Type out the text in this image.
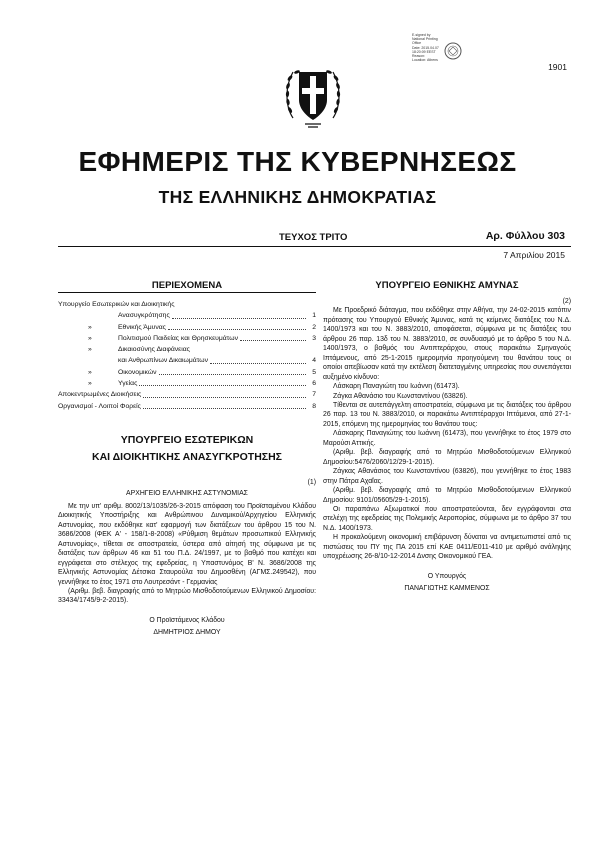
E-signed by
National Printing
Office
Date: 2015.04.07
18:20:09 EEST
Reason:
Location: Athens
1901
ΕΦΗΜΕΡΙΣ ΤΗΣ ΚΥΒΕΡΝΗΣΕΩΣ
ΤΗΣ ΕΛΛΗΝΙΚΗΣ ΔΗΜΟΚΡΑΤΙΑΣ
ΤΕΥΧΟΣ ΤΡΙΤΟ	Αρ. Φύλλου 303
7 Απριλίου 2015
ΠΕΡΙΕΧΟΜΕΝΑ
Υπουργείο Εσωτερικών και Διοικητικής
Ανασυγκρότησης	1
»	Εθνικής Άμυνας	2
»	Πολιτισμού Παιδείας και Θρησκευμάτων	3
»	Δικαιοσύνης Διαφάνειας
και Ανθρωπίνων Δικαιωμάτων	4
»	Οικονομικών	5
»	Υγείας	6
Αποκεντρωμένες Διοικήσεις	7
Οργανισμοί - Λοιποί Φορείς	8
ΥΠΟΥΡΓΕΙΟ ΕΣΩΤΕΡΙΚΩΝ
ΚΑΙ ΔΙΟΙΚΗΤΙΚΗΣ ΑΝΑΣΥΓΚΡΟΤΗΣΗΣ

(1)

ΑΡΧΗΓΕΙΟ ΕΛΛΗΝΙΚΗΣ ΑΣΤΥΝΟΜΙΑΣ

Με την υπ' αριθμ. 8002/13/1035/26-3-2015 απόφαση του Προϊσταμένου Κλάδου Διοικητικής Υποστήριξης και Ανθρώπινου Δυναμικού/Αρχηγείου Ελληνικής Αστυνομίας, που εκδόθηκε κατ' εφαρμογή των διατάξεων του άρθρου 15 του Ν. 3686/2008 (ΦΕΚ Α' - 158/1-8-2008) «Ρύθμιση θεμάτων προσωπικού Ελληνικής Αστυνομίας», τίθεται σε αποστρατεία, ύστερα από αίτησή της σύμφωνα με τις διατάξεις των άρθρων 46 και 51 του Π.Δ. 24/1997, με το βαθμό που κατέχει και εγγράφεται στο στέλεχος της εφεδρείας, η Υπαστυνόμος Β' Ν. 3686/2008 της Ελληνικής Αστυνομίας Δέτσικα Σταυρούλα του Δημοσθένη (ΑΓΜΣ.249542), που γεννήθηκε το έτος 1971 στο Λουτρεσάντ - Γερμανίας

(Αριθμ. βεβ. διαγραφής από το Μητρώο Μισθοδοτούμενων Ελληνικού Δημοσίου: 33434/1745/9-2-2015).

Ο Προϊστάμενος Κλάδου

ΔΗΜΗΤΡΙΟΣ ΔΗΜΟΥ

ΥΠΟΥΡΓΕΙΟ ΕΘΝΙΚΗΣ ΑΜΥΝΑΣ

(2)

Με Προεδρικό διάταγμα, που εκδόθηκε στην Αθήνα, την 24-02-2015 κατόπιν πρότασης του Υπουργού Εθνικής Άμυνας, κατά τις κείμενες διατάξεις του Ν.Δ. 1400/1973 και του Ν. 3883/2010, αποφάσεται, σύμφωνα με τις διατάξεις του άρθρου 26 παρ. 13δ του Ν. 3883/2010, σε συνδυασμό με το άρθρο 5 του Ν.Δ. 1400/1973, ο βαθμός του Αντιπτεράρχου, στους παρακάτω Σμηναγούς Ιπτάμενους, από 25-1-2015 ημερομηνία προηγούμενη του θανάτου τους οι οποίοι απεβίωσαν κατά την εκτέλεση διατεταγμένης υπηρεσίας που συνεπάγεται αυξημένο κίνδυνο:

Λάσκαρη Παναγιώτη του Ιωάννη (61473).

Ζάγκα Αθανάσιο του Κωνσταντίνου (63826).

Τίθενται σε αυτεπάγγελτη αποστρατεία, σύμφωνα με τις διατάξεις του άρθρου 26 παρ. 13 του Ν. 3883/2010, οι παρακάτω Αντιπτέραρχοι Ιπτάμενοι, από 27-1-2015, επόμενη της ημερομηνίας του θανάτου τους:

Λάσκαρης Παναγιώτης του Ιωάννη (61473), που γεννήθηκε το έτος 1979 στο Μαρούσι Αττικής.

(Αριθμ. βεβ. διαγραφής από το Μητρώο Μισθοδοτούμενων Ελληνικού Δημοσίου:5476/2060/12/29-1-2015).

Ζάγκας Αθανάσιος του Κωνσταντίνου (63826), που γεννήθηκε το έτος 1983 στην Πάτρα Αχαΐας.

(Αριθμ. βεβ. διαγραφής από το Μητρώο Μισθοδοτούμενων Ελληνικού Δημοσίου: 9101/05605/29-1-2015).

Οι παραπάνω Αξιωματικοί που αποστρατεύονται, δεν εγγράφονται στα στελέχη της εφεδρείας της Πολεμικής Αεροπορίας, σύμφωνα με το άρθρο 37 του Ν.Δ. 1400/1973.

Η προκαλούμενη οικονομική επιβάρυνση δύναται να αντιμετωπιστεί από τις πιστώσεις του ΠΥ της ΠΑ 2015 επί ΚΑΕ 0411/Ε011-410 με αριθμό ανάληψης υποχρέωσης 26-8/10-12-2014 Δνσης Οικονομικού ΓΕΑ.

Ο Υπουργός

ΠΑΝΑΓΙΩΤΗΣ ΚΑΜΜΕΝΟΣ
